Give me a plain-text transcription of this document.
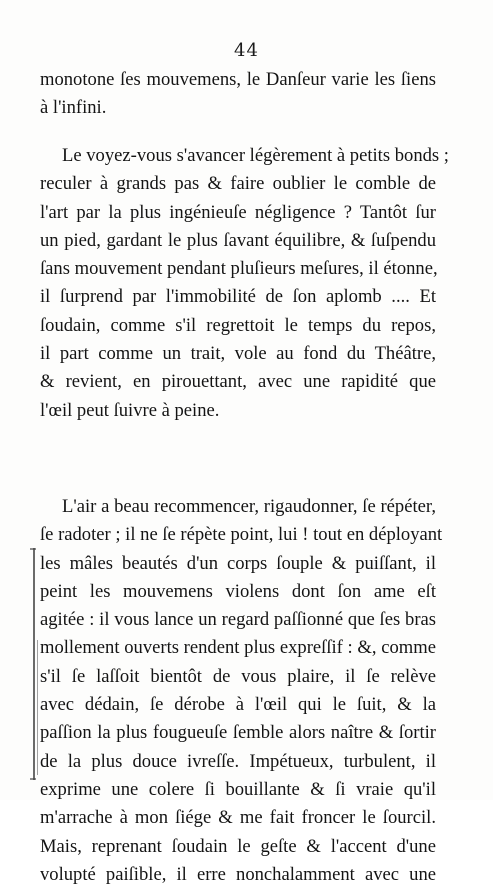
44
monotone ſes mouvemens, le Danſeur varie les ſiens
à l'infini.
Le voyez-vous s'avancer légèrement à petits bonds ;
reculer à grands pas & faire oublier le comble de
l'art par la plus ingénieuſe négligence ? Tantôt ſur
un pied, gardant le plus ſavant équilibre, & ſuſpendu
ſans mouvement pendant pluſieurs meſures, il étonne,
il ſurprend par l'immobilité de ſon aplomb .... Et
ſoudain, comme s'il regrettoit le temps du repos,
il part comme un trait, vole au fond du Théâtre,
& revient, en pirouettant, avec une rapidité que
l'œil peut ſuivre à peine.
L'air a beau recommencer, rigaudonner, ſe répéter,
ſe radoter ; il ne ſe répète point, lui ! tout en déployant
les mâles beautés d'un corps ſouple & puiſſant, il
peint les mouvemens violens dont ſon ame eſt
agitée : il vous lance un regard paſſionné que ſes bras
mollement ouverts rendent plus expreſſif : &, comme
s'il ſe laſſoit bientôt de vous plaire, il ſe relève
avec dédain, ſe dérobe à l'œil qui le ſuit, & la
paſſion la plus fougueuſe ſemble alors naître & ſortir
de la plus douce ivreſſe. Impétueux, turbulent, il
exprime une colere ſi bouillante & ſi vraie qu'il
m'arrache à mon ſiége & me fait froncer le ſourcil.
Mais, reprenant ſoudain le geſte & l'accent d'une
volupté paiſible, il erre nonchalamment avec une
